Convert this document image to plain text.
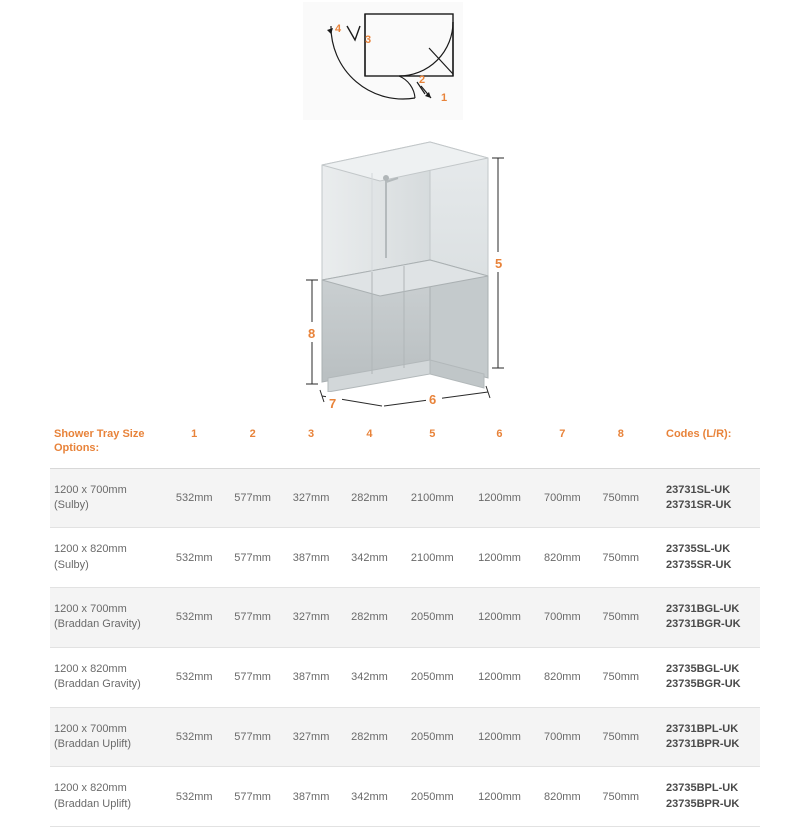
1
2
3
4
5
8
7	6
Shower Tray Size Options:	1	2	3	4	5	6	7	8	Codes (L/R):

1200 x 700mm
(Sulby)	532mm	577mm	327mm	282mm	2100mm	1200mm	700mm	750mm	23731SL-UK
23731SR-UK

1200 x 820mm
(Sulby)	532mm	577mm	387mm	342mm	2100mm	1200mm	820mm	750mm	23735SL-UK
23735SR-UK

1200 x 700mm
(Braddan Gravity)	532mm	577mm	327mm	282mm	2050mm	1200mm	700mm	750mm	23731BGL-UK
23731BGR-UK

1200 x 820mm
(Braddan Gravity)	532mm	577mm	387mm	342mm	2050mm	1200mm	820mm	750mm	23735BGL-UK
23735BGR-UK

1200 x 700mm
(Braddan Uplift)	532mm	577mm	327mm	282mm	2050mm	1200mm	700mm	750mm	23731BPL-UK
23731BPR-UK

1200 x 820mm
(Braddan Uplift)	532mm	577mm	387mm	342mm	2050mm	1200mm	820mm	750mm	23735BPL-UK
23735BPR-UK
